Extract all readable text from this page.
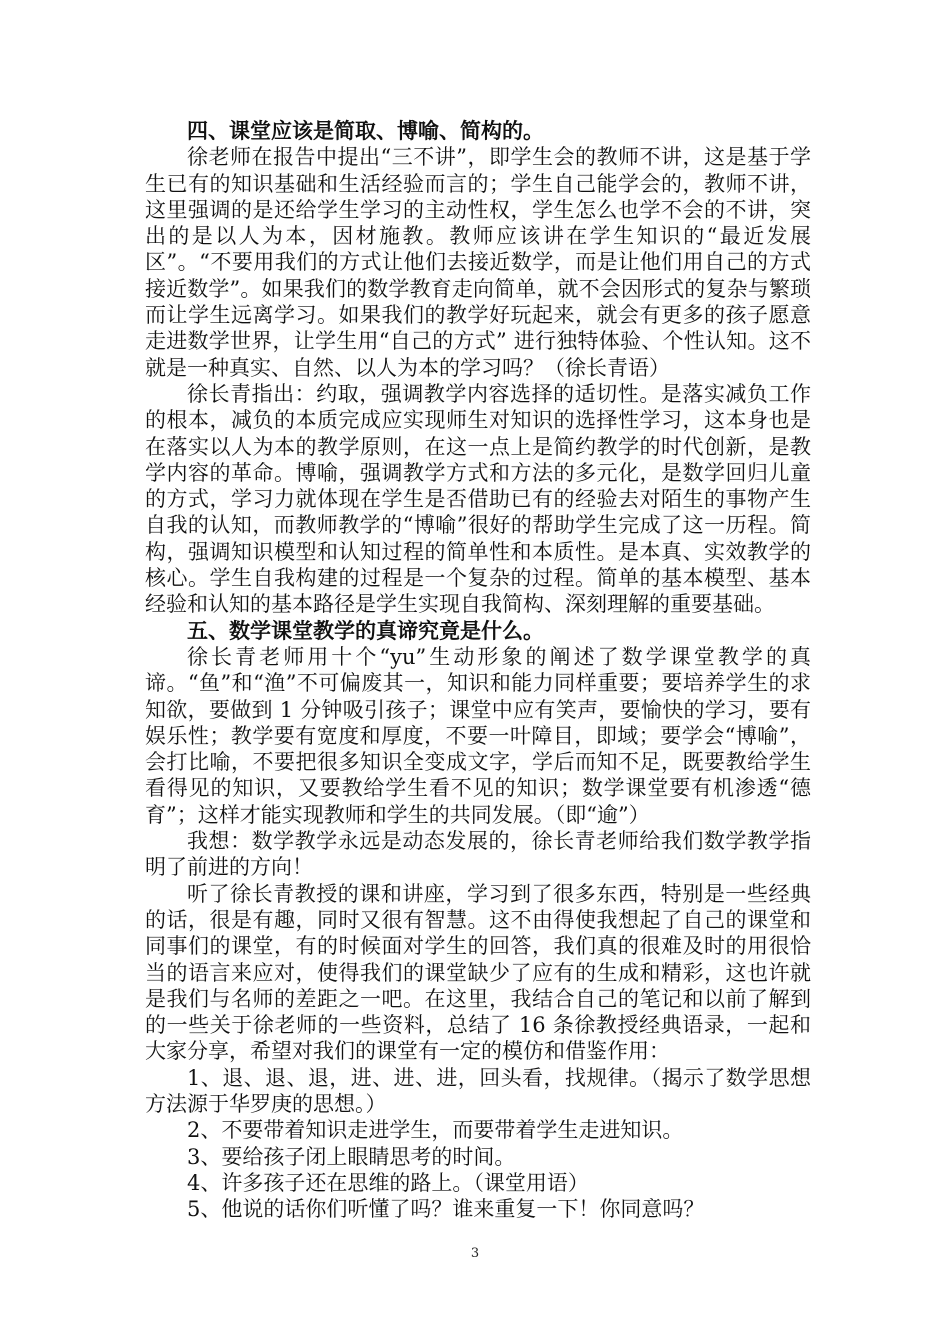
四、课堂应该是简取、博喻、简构的。

徐老师在报告中提出“三不讲”，即学生会的教师不讲，这是基于学生已有的知识基础和生活经验而言的；学生自己能学会的，教师不讲，这里强调的是还给学生学习的主动性权，学生怎么也学不会的不讲，突出的是以人为本，因材施教。教师应该讲在学生知识的“最近发展区”。“不要用我们的方式让他们去接近数学，而是让他们用自己的方式接近数学”。如果我们的数学教育走向简单，就不会因形式的复杂与繁琐而让学生远离学习。如果我们的教学好玩起来，就会有更多的孩子愿意走进数学世界，让学生用“自己的方式” 进行独特体验、个性认知。这不就是一种真实、自然、以人为本的学习吗？（徐长青语）

徐长青指出：约取，强调教学内容选择的适切性。是落实减负工作的根本，减负的本质完成应实现师生对知识的选择性学习，这本身也是在落实以人为本的教学原则，在这一点上是简约教学的时代创新，是教学内容的革命。博喻，强调教学方式和方法的多元化，是数学回归儿童的方式，学习力就体现在学生是否借助已有的经验去对陌生的事物产生自我的认知，而教师教学的“博喻”很好的帮助学生完成了这一历程。简构，强调知识模型和认知过程的简单性和本质性。是本真、实效教学的核心。学生自我构建的过程是一个复杂的过程。简单的基本模型、基本经验和认知的基本路径是学生实现自我简构、深刻理解的重要基础。

五、数学课堂教学的真谛究竟是什么。

徐长青老师用十个“yu”生动形象的阐述了数学课堂教学的真谛。“鱼”和“渔”不可偏废其一，知识和能力同样重要；要培养学生的求知欲，要做到 1 分钟吸引孩子；课堂中应有笑声，要愉快的学习，要有娱乐性；教学要有宽度和厚度，不要一叶障目，即域；要学会“博喻”，会打比喻，不要把很多知识全变成文字，学后而知不足，既要教给学生看得见的知识，又要教给学生看不见的知识；数学课堂要有机渗透“德育”；这样才能实现教师和学生的共同发展。（即“逾”）

我想：数学教学永远是动态发展的，徐长青老师给我们数学教学指明了前进的方向！

听了徐长青教授的课和讲座，学习到了很多东西，特别是一些经典的话，很是有趣，同时又很有智慧。这不由得使我想起了自己的课堂和同事们的课堂，有的时候面对学生的回答，我们真的很难及时的用很恰当的语言来应对，使得我们的课堂缺少了应有的生成和精彩，这也许就是我们与名师的差距之一吧。在这里，我结合自己的笔记和以前了解到的一些关于徐老师的一些资料，总结了 16 条徐教授经典语录，一起和大家分享，希望对我们的课堂有一定的模仿和借鉴作用：

1、退、退、退，进、进、进，回头看，找规律。（揭示了数学思想方法源于华罗庚的思想。）

2、不要带着知识走进学生，而要带着学生走进知识。

3、要给孩子闭上眼睛思考的时间。

4、许多孩子还在思维的路上。（课堂用语）

5、他说的话你们听懂了吗？谁来重复一下！你同意吗？

3
